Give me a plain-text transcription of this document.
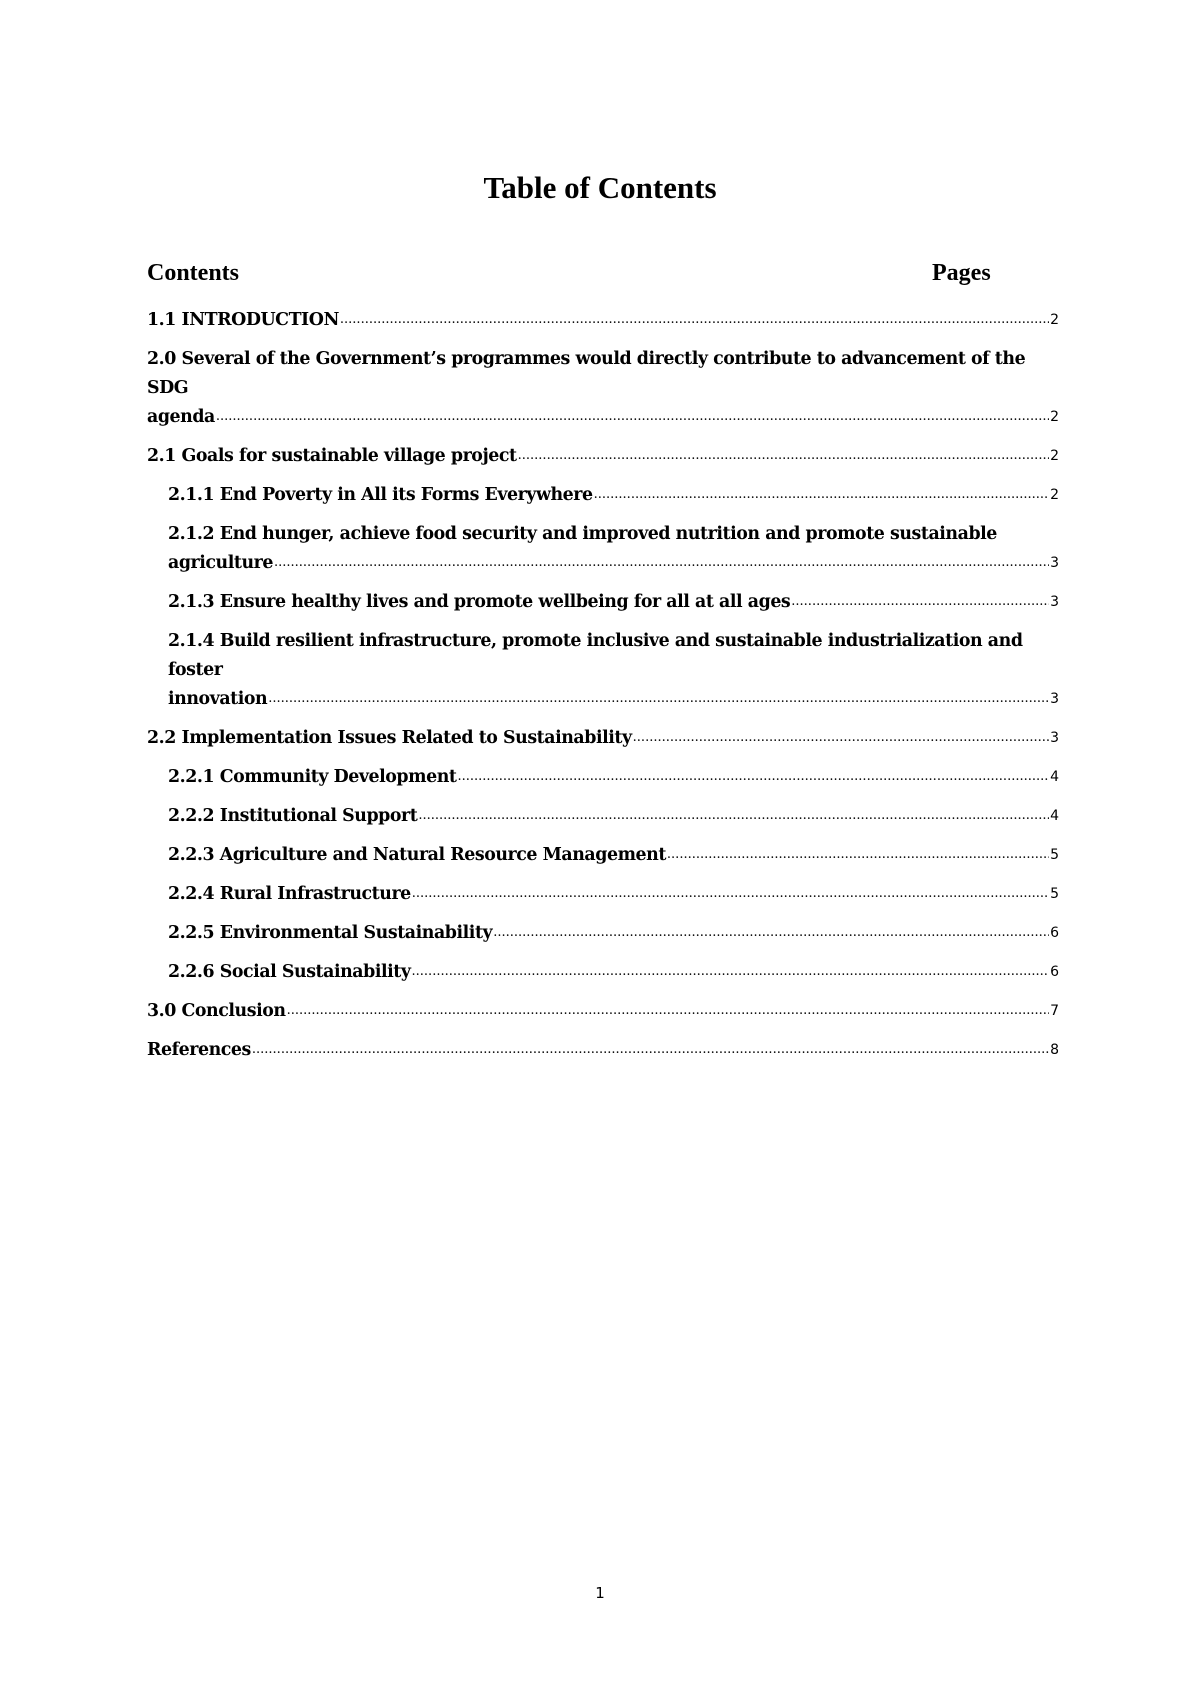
Table of Contents
Contents	Pages
1.1 INTRODUCTION .....	2
2.0 Several of the Government’s programmes would directly contribute to advancement of the
SDG agenda .....	2
2.1 Goals for sustainable village project .....	2
2.1.1 End Poverty in All its Forms Everywhere .....	2
2.1.2 End hunger, achieve food security and improved nutrition and promote sustainable
agriculture .....	3
2.1.3 Ensure healthy lives and promote wellbeing for all at all ages .....	3
2.1.4 Build resilient infrastructure, promote inclusive and sustainable industrialization and
foster innovation .....	3
2.2 Implementation Issues Related to Sustainability .....	3
2.2.1 Community Development .....	4
2.2.2 Institutional Support .....	4
2.2.3 Agriculture and Natural Resource Management .....	5
2.2.4 Rural Infrastructure .....	5
2.2.5 Environmental Sustainability .....	6
2.2.6 Social Sustainability .....	6
3.0 Conclusion .....	7
References .....	8
1
